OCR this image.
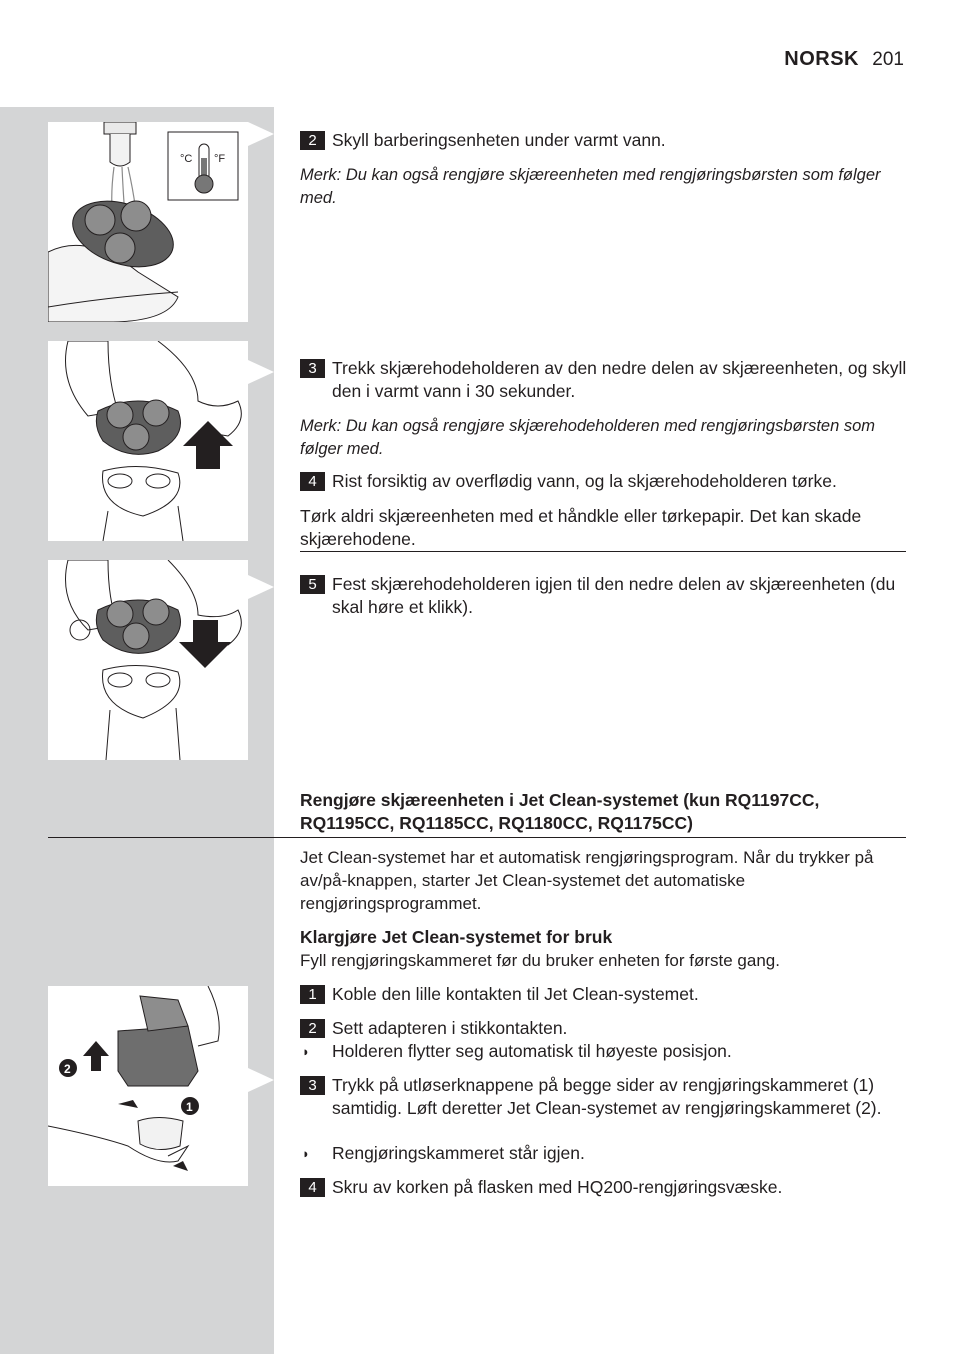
NORSK 201
°C °F
2
1
2 Skyll barberingsenheten under varmt vann.
Merk: Du kan også rengjøre skjæreenheten med rengjøringsbørsten som følger med.
3 Trekk skjærehodeholderen av den nedre delen av skjæreenheten, og skyll den i varmt vann i 30 sekunder.
Merk: Du kan også rengjøre skjærehodeholderen med rengjøringsbørsten som følger med.
4 Rist forsiktig av overflødig vann, og la skjærehodeholderen tørke.
Tørk aldri skjæreenheten med et håndkle eller tørkepapir. Det kan skade skjærehodene.
5 Fest skjærehodeholderen igjen til den nedre delen av skjæreenheten (du skal høre et klikk).
Rengjøre skjæreenheten i Jet Clean-systemet (kun RQ1197CC, RQ1195CC, RQ1185CC, RQ1180CC, RQ1175CC)
Jet Clean-systemet har et automatisk rengjøringsprogram. Når du trykker på av/på-knappen, starter Jet Clean-systemet det automatiske rengjøringsprogrammet.
Klargjøre Jet Clean-systemet for bruk
Fyll rengjøringskammeret før du bruker enheten for første gang.
1 Koble den lille kontakten til Jet Clean-systemet.
2 Sett adapteren i stikkontakten.
◗	Holderen flytter seg automatisk til høyeste posisjon.
3 Trykk på utløserknappene på begge sider av rengjøringskammeret (1) samtidig. Løft deretter Jet Clean-systemet av rengjøringskammeret (2).
◗	Rengjøringskammeret står igjen.
4 Skru av korken på flasken med HQ200-rengjøringsvæske.
